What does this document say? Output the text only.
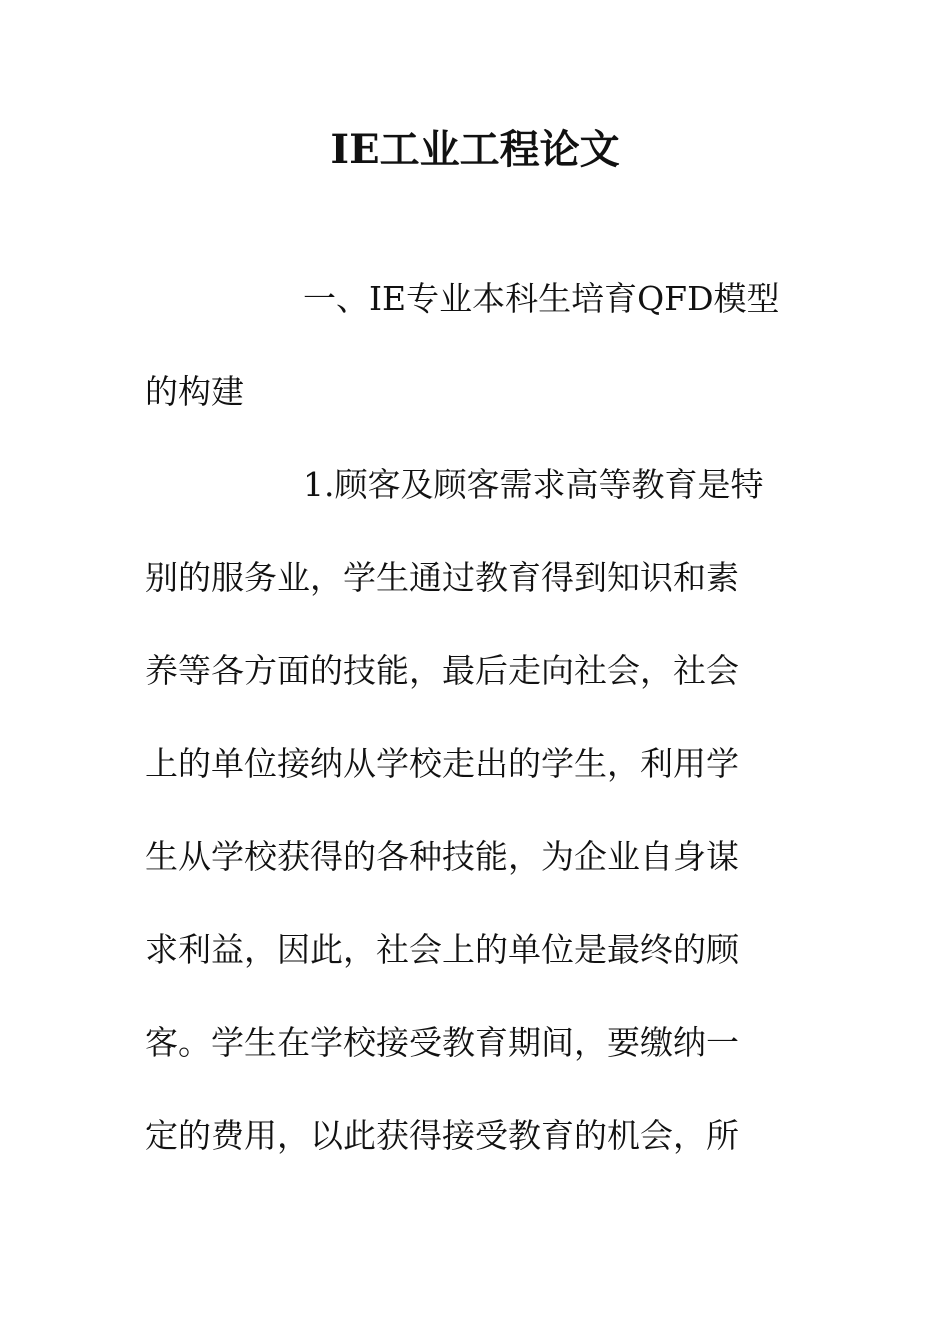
IE工业工程论文
一、IE专业本科生培育QFD模型
的构建
1.顾客及顾客需求高等教育是特
别的服务业，学生通过教育得到知识和素
养等各方面的技能，最后走向社会，社会
上的单位接纳从学校走出的学生，利用学
生从学校获得的各种技能，为企业自身谋
求利益，因此，社会上的单位是最终的顾
客。学生在学校接受教育期间，要缴纳一
定的费用，以此获得接受教育的机会，所
